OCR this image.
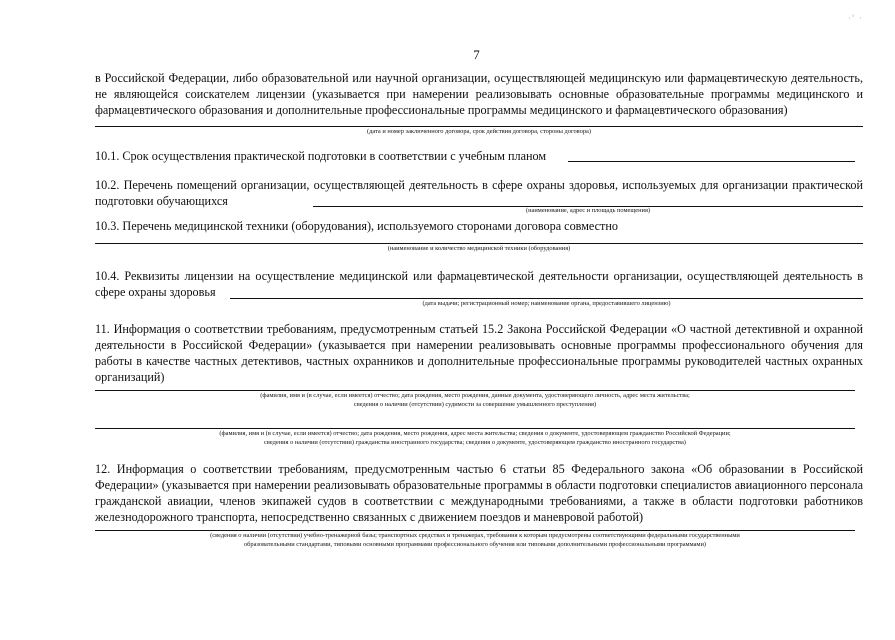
·' ·
7
в Российской Федерации, либо образовательной или научной организации, осуществляющей медицинскую или фармацевтическую деятельность, не являющейся соискателем лицензии (указывается при намерении реализовывать основные образовательные программы медицинского и фармацевтического образования и дополнительные профессиональные программы медицинского и фармацевтического образования)
(дата и номер заключенного договора, срок действия договора, стороны договора)
10.1. Срок осуществления практической подготовки в соответствии с учебным планом
10.2. Перечень помещений организации, осуществляющей деятельность в сфере охраны здоровья, используемых для организации практической подготовки обучающихся
(наименование, адрес и площадь помещения)
10.3. Перечень медицинской техники (оборудования), используемого сторонами договора совместно
(наименование и количество медицинской техники (оборудования)
10.4. Реквизиты лицензии на осуществление медицинской или фармацевтической деятельности организации, осуществляющей деятельность в сфере охраны здоровья
(дата выдачи; регистрационный номер; наименование органа, предоставившего лицензию)
11. Информация о соответствии требованиям, предусмотренным статьей 15.2 Закона Российской Федерации «О частной детективной и охранной деятельности в Российской Федерации» (указывается при намерении реализовывать основные программы профессионального обучения для работы в качестве частных детективов, частных охранников и дополнительные профессиональные программы руководителей частных охранных организаций)
(фамилия, имя и (в случае, если имеется) отчество; дата рождения, место рождения, данные документа, удостоверяющего личность, адрес места жительства;
сведения о наличии (отсутствии) судимости за совершение умышленного преступления)
(фамилия, имя и (в случае, если имеется) отчество; дата рождения, место рождения, адрес места жительства; сведения о документе, удостоверяющем гражданство Российской Федерации;
сведения о наличии (отсутствии) гражданства иностранного государства; сведения о документе, удостоверяющем гражданство иностранного государства)
12. Информация о соответствии требованиям, предусмотренным частью 6 статьи 85 Федерального закона «Об образовании в Российской Федерации» (указывается при намерении реализовывать образовательные программы в области подготовки специалистов авиационного персонала гражданской авиации, членов экипажей судов в соответствии с международными требованиями, а также в области подготовки работников железнодорожного транспорта, непосредственно связанных с движением поездов и маневровой работой)
(сведения о наличии (отсутствии) учебно-тренажерной базы; транспортных средствах и тренажерах, требования к которым предусмотрены соответствующими федеральными государственными
образовательными стандартами, типовыми основными программами профессионального обучения или типовыми дополнительными профессиональными программами)
